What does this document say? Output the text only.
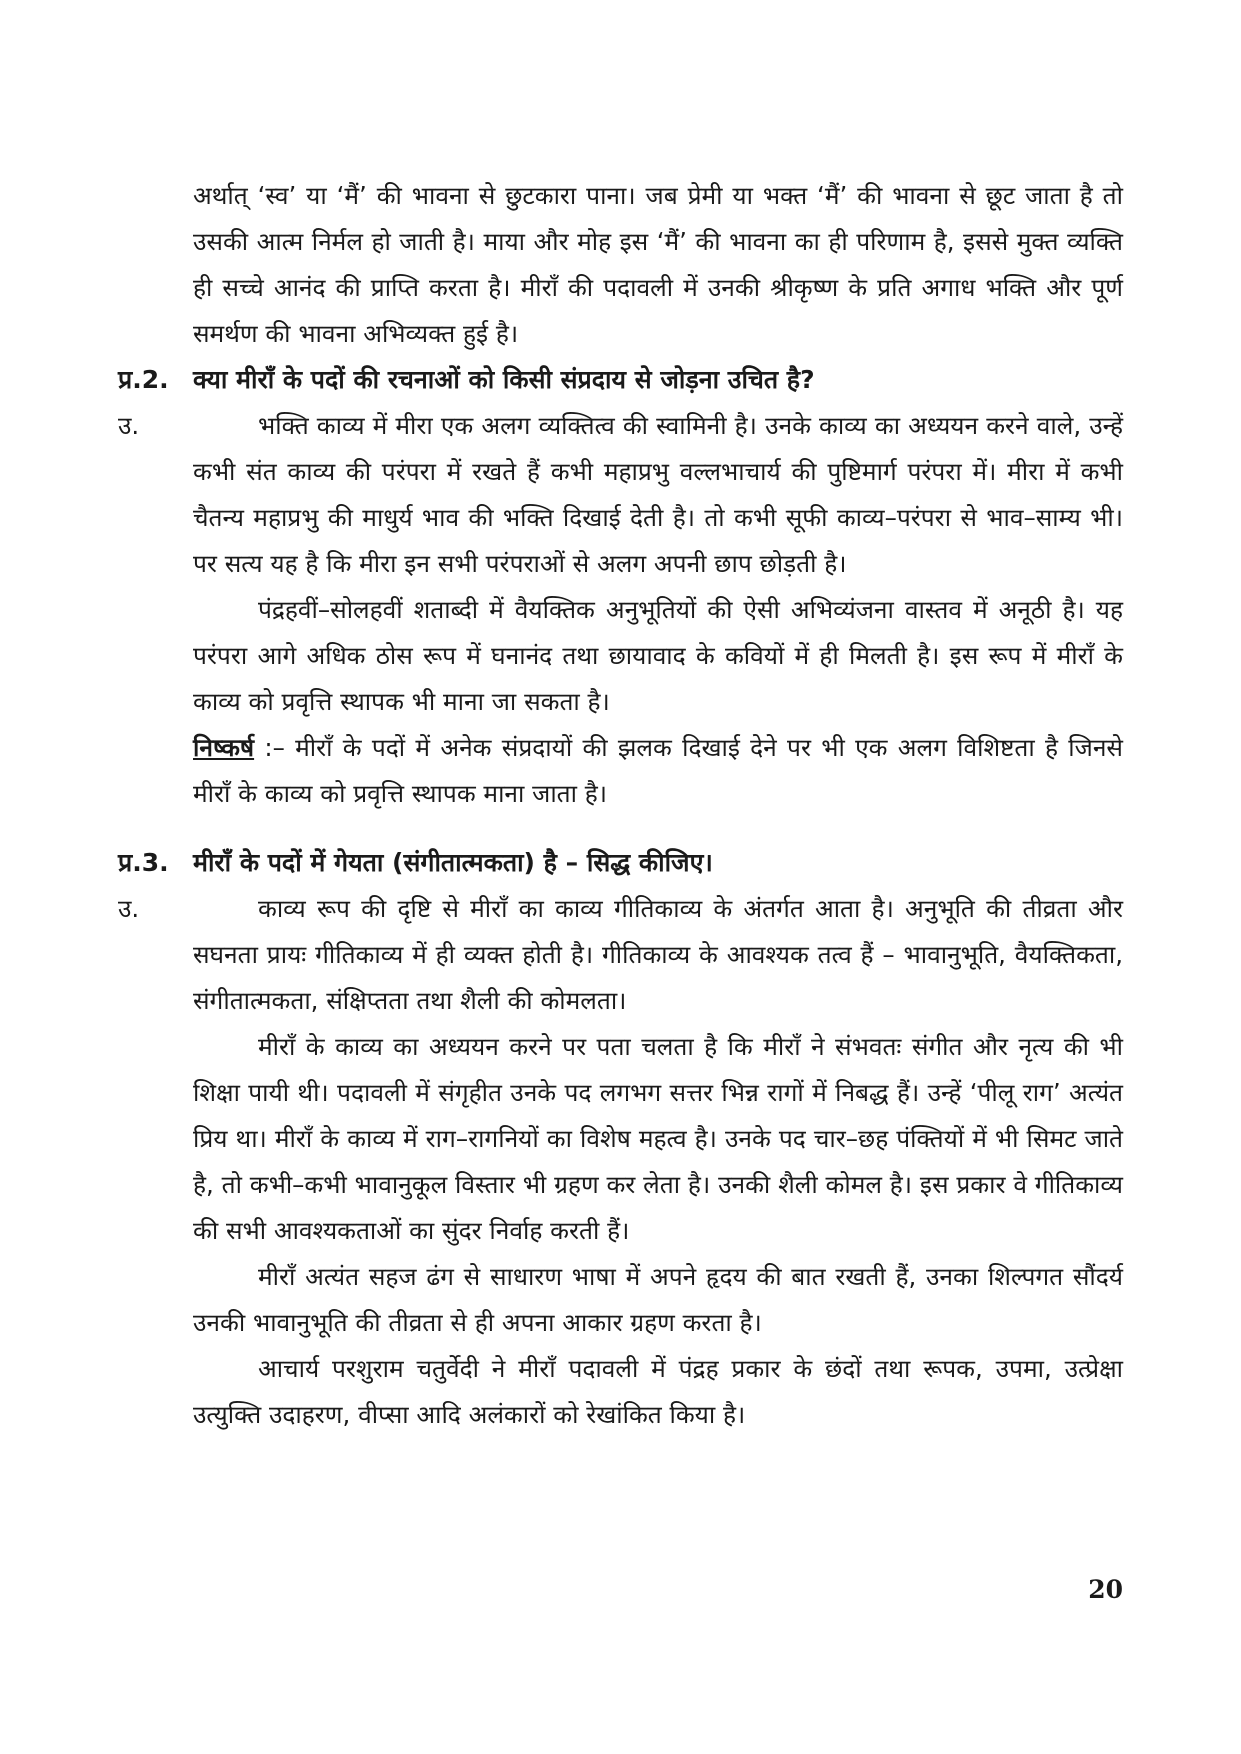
अर्थात् ‘स्व’ या ‘मैं’ की भावना से छुटकारा पाना। जब प्रेमी या भक्त ‘मैं’ की भावना से छूट जाता है तो उसकी आत्म निर्मल हो जाती है। माया और मोह इस ‘मैं’ की भावना का ही परिणाम है, इससे मुक्त व्यक्ति ही सच्चे आनंद की प्राप्ति करता है। मीराँ की पदावली में उनकी श्रीकृष्ण के प्रति अगाध भक्ति और पूर्ण समर्थण की भावना अभिव्यक्त हुई है।

प्र.2. क्या मीराँ के पदों की रचनाओं को किसी संप्रदाय से जोड़ना उचित है?
उ.	भक्ति काव्य में मीरा एक अलग व्यक्तित्व की स्वामिनी है। उनके काव्य का अध्ययन करने वाले, उन्हें कभी संत काव्य की परंपरा में रखते हैं कभी महाप्रभु वल्लभाचार्य की पुष्टिमार्ग परंपरा में। मीरा में कभी चैतन्य महाप्रभु की माधुर्य भाव की भक्ति दिखाई देती है। तो कभी सूफी काव्य–परंपरा से भाव–साम्य भी। पर सत्य यह है कि मीरा इन सभी परंपराओं से अलग अपनी छाप छोड़ती है।

पंद्रहवीं–सोलहवीं शताब्दी में वैयक्तिक अनुभूतियों की ऐसी अभिव्यंजना वास्तव में अनूठी है। यह परंपरा आगे अधिक ठोस रूप में घनानंद तथा छायावाद के कवियों में ही मिलती है। इस रूप में मीराँ के काव्य को प्रवृत्ति स्थापक भी माना जा सकता है।

निष्कर्ष :– मीराँ के पदों में अनेक संप्रदायों की झलक दिखाई देने पर भी एक अलग विशिष्टता है जिनसे मीराँ के काव्य को प्रवृत्ति स्थापक माना जाता है।

प्र.3. मीराँ के पदों में गेयता (संगीतात्मकता) है – सिद्ध कीजिए।
उ.	काव्य रूप की दृष्टि से मीराँ का काव्य गीतिकाव्य के अंतर्गत आता है। अनुभूति की तीव्रता और सघनता प्रायः गीतिकाव्य में ही व्यक्त होती है। गीतिकाव्य के आवश्यक तत्व हैं – भावानुभूति, वैयक्तिकता, संगीतात्मकता, संक्षिप्तता तथा शैली की कोमलता।

मीराँ के काव्य का अध्ययन करने पर पता चलता है कि मीराँ ने संभवतः संगीत और नृत्य की भी शिक्षा पायी थी। पदावली में संगृहीत उनके पद लगभग सत्तर भिन्न रागों में निबद्ध हैं। उन्हें ‘पीलू राग’ अत्यंत प्रिय था। मीराँ के काव्य में राग–रागनियों का विशेष महत्व है। उनके पद चार–छह पंक्तियों में भी सिमट जाते है, तो कभी–कभी भावानुकूल विस्तार भी ग्रहण कर लेता है। उनकी शैली कोमल है। इस प्रकार वे गीतिकाव्य की सभी आवश्यकताओं का सुंदर निर्वाह करती हैं।

मीराँ अत्यंत सहज ढंग से साधारण भाषा में अपने हृदय की बात रखती हैं, उनका शिल्पगत सौंदर्य उनकी भावानुभूति की तीव्रता से ही अपना आकार ग्रहण करता है।

आचार्य परशुराम चतुर्वेदी ने मीराँ पदावली में पंद्रह प्रकार के छंदों तथा रूपक, उपमा, उत्प्रेक्षा उत्युक्ति उदाहरण, वीप्सा आदि अलंकारों को रेखांकित किया है।

20
